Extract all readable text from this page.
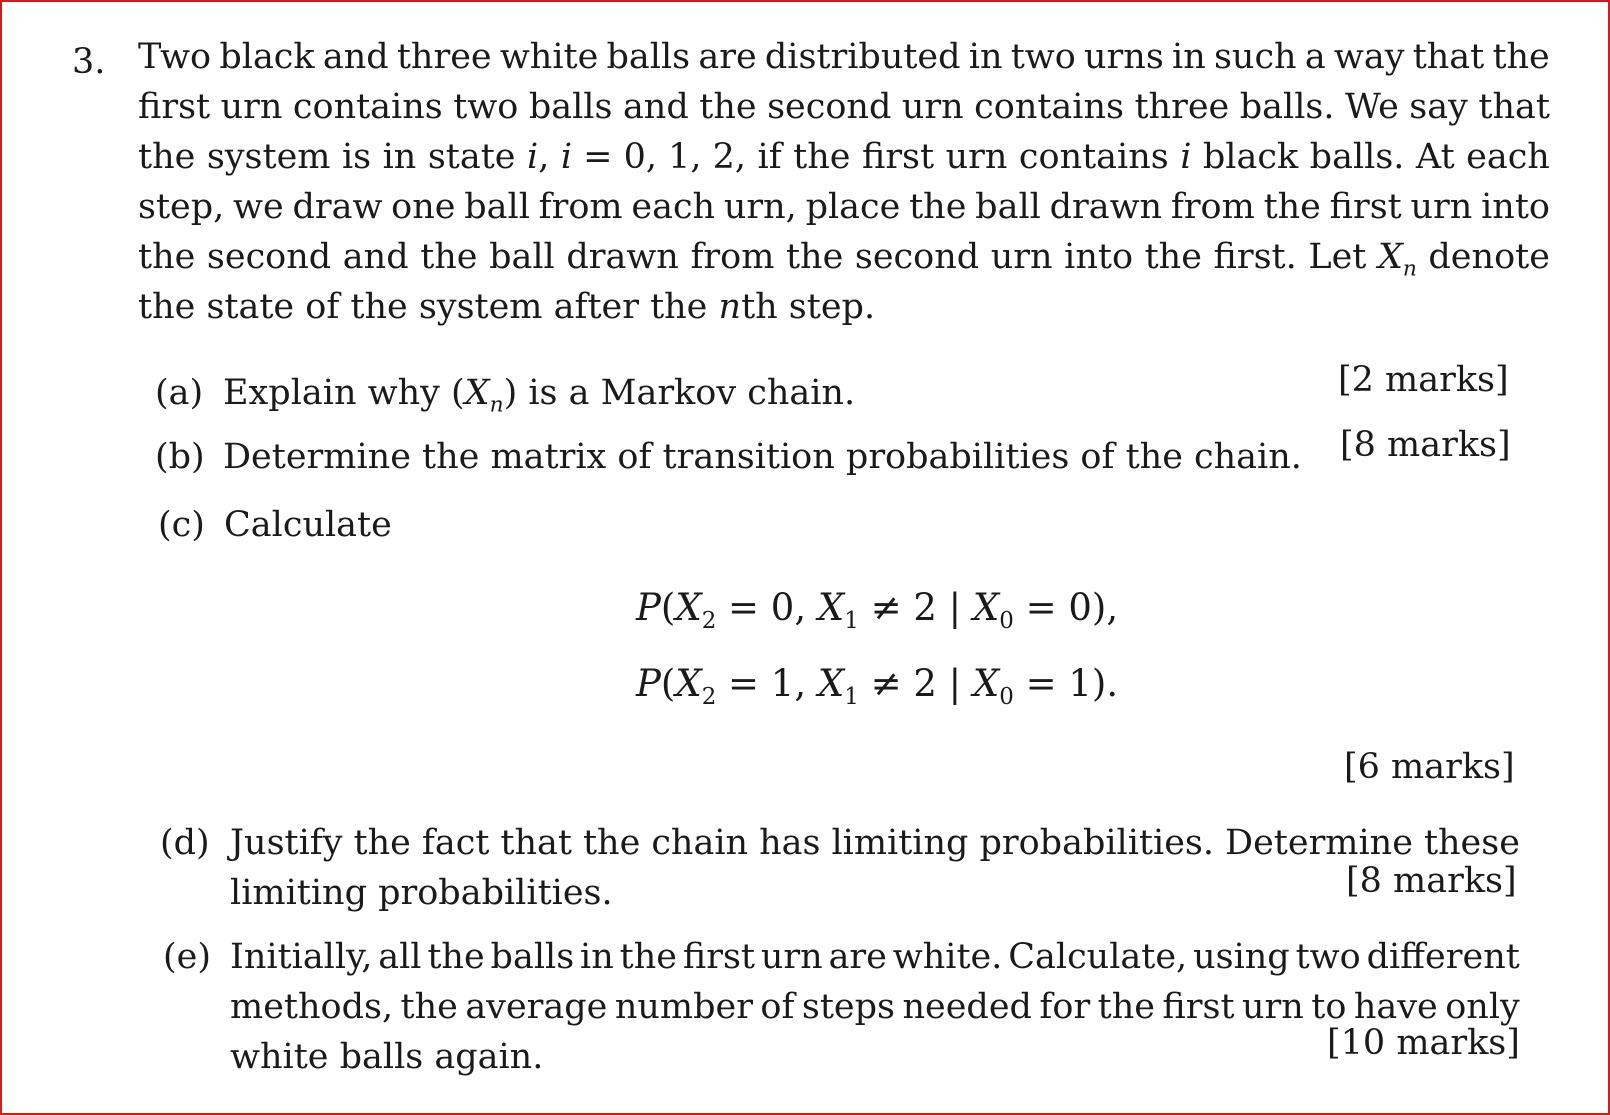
3. Two black and three white balls are distributed in two urns in such a way that the
first urn contains two balls and the second urn contains three balls. We say that
the system is in state i, i = 0, 1, 2, if the first urn contains i black balls. At each
step, we draw one ball from each urn, place the ball drawn from the first urn into
the second and the ball drawn from the second urn into the first. Let $X_n$ denote
the state of the system after the nth step.
(a) Explain why $(X_n)$ is a Markov chain.	[2 marks]
(b) Determine the matrix of transition probabilities of the chain. [8 marks]
(c) Calculate
$P(X_2 = 0$, $X_1 \ne 2$ | $X_0 = 0$),
$P(X_2 = 1$, $X_1 \ne 2$ | $X_0 = 1$).
[6 marks]
(d) Justify the fact that the chain has limiting probabilities. Determine these
limiting probabilities.	[8 marks]
(e) Initially, all the balls in the first urn are white. Calculate, using two different
methods, the average number of steps needed for the first urn to have only
white balls again.	[10 marks]
